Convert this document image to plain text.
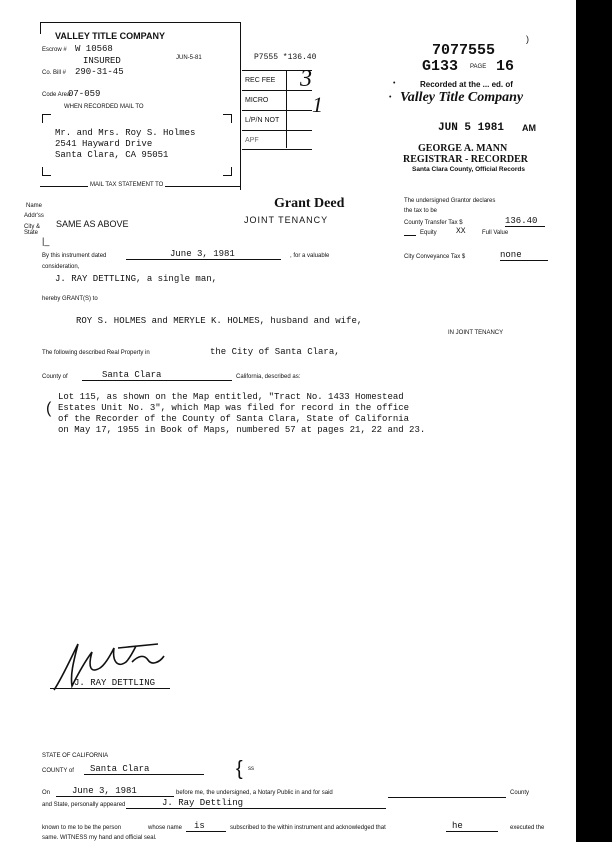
VALLEY TITLE COMPANY
Escrow # W 10568
JUN-5-81
INSURED
Co. Bill # 290-31-45
Code Area
07-059
WHEN RECORDED MAIL TO
Mr. and Mrs. Roy S. Holmes
2541 Hayward Drive
Santa Clara, CA 95051
MAIL TAX STATEMENT TO
P7555 *136.40
REC FEE
MICRO
L/P/N NOT
APF
3
1
7077555
)
G133 PAGE 16
Recorded at the ... ed. of
•
• Valley Title Company
JUN 5 1981 AM
GEORGE A. MANN
REGISTRAR - RECORDER
Santa Clara County, Official Records
Name
Addr'ss
City & State
SAME AS ABOVE
|_
Grant Deed
JOINT TENANCY
The undersigned Grantor declares
the tax to be
County Transfer Tax $	136.40
Equity XX	Full Value
City Conveyance Tax $	none
By this instrument dated	June 3, 1981	, for a valuable
consideration,
J. RAY DETTLING, a single man,
hereby GRANT(S) to
ROY S. HOLMES and MERYLE K. HOLMES, husband and wife,
IN JOINT TENANCY
The following described Real Property in	the City of Santa Clara,
County of	Santa Clara	California, described as:
(
Lot 115, as shown on the Map entitled, "Tract No. 1433 Homestead
Estates Unit No. 3", which Map was filed for record in the office
of the Recorder of the County of Santa Clara, State of California
on May 17, 1955 in Book of Maps, numbered 57 at pages 21, 22 and 23.
J. RAY DETTLING
STATE OF CALIFORNIA
COUNTY of	Santa Clara	{ ss
On	June 3, 1981	before me, the undersigned, a Notary Public in and for said	County
and State, personally appeared	J. Ray Dettling
known to me to be the person	whose name	is	subscribed to the within instrument and acknowledged that	he	executed the
same. WITNESS my hand and official seal.
